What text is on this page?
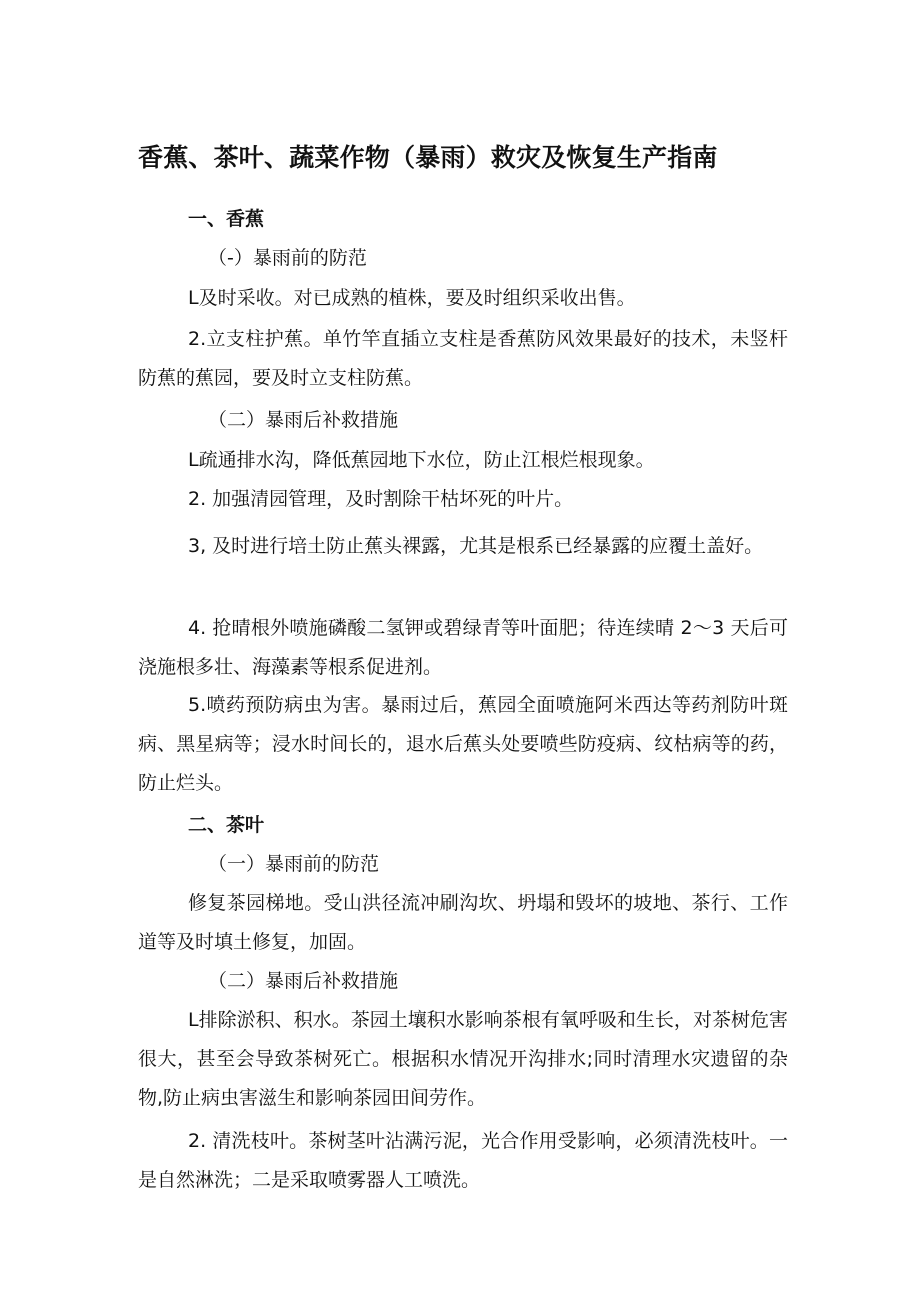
香蕉、茶叶、蔬菜作物（暴雨）救灾及恢复生产指南
一、香蕉
（-）暴雨前的防范
L及时采收。对已成熟的植株，要及时组织采收出售。
2.立支柱护蕉。单竹竿直插立支柱是香蕉防风效果最好的技术，未竖杆防蕉的蕉园，要及时立支柱防蕉。
（二）暴雨后补救措施
L疏通排水沟，降低蕉园地下水位，防止江根烂根现象。
2. 加强清园管理，及时割除干枯坏死的叶片。
3, 及时进行培土防止蕉头裸露，尤其是根系已经暴露的应覆土盖好。
4. 抢晴根外喷施磷酸二氢钾或碧绿青等叶面肥；待连续晴 2～3 天后可浇施根多壮、海藻素等根系促进剂。
5.喷药预防病虫为害。暴雨过后，蕉园全面喷施阿米西达等药剂防叶斑病、黑星病等；浸水时间长的，退水后蕉头处要喷些防疫病、纹枯病等的药，防止烂头。
二、茶叶
（一）暴雨前的防范
修复茶园梯地。受山洪径流冲刷沟坎、坍塌和毁坏的坡地、茶行、工作道等及时填土修复，加固。
（二）暴雨后补救措施
L排除淤积、积水。茶园土壤积水影响茶根有氧呼吸和生长，对茶树危害很大，甚至会导致茶树死亡。根据积水情况开沟排水;同时清理水灾遗留的杂物,防止病虫害滋生和影响茶园田间劳作。
2. 清洗枝叶。茶树茎叶沾满污泥，光合作用受影响，必须清洗枝叶。一是自然淋洗；二是采取喷雾器人工喷洗。
